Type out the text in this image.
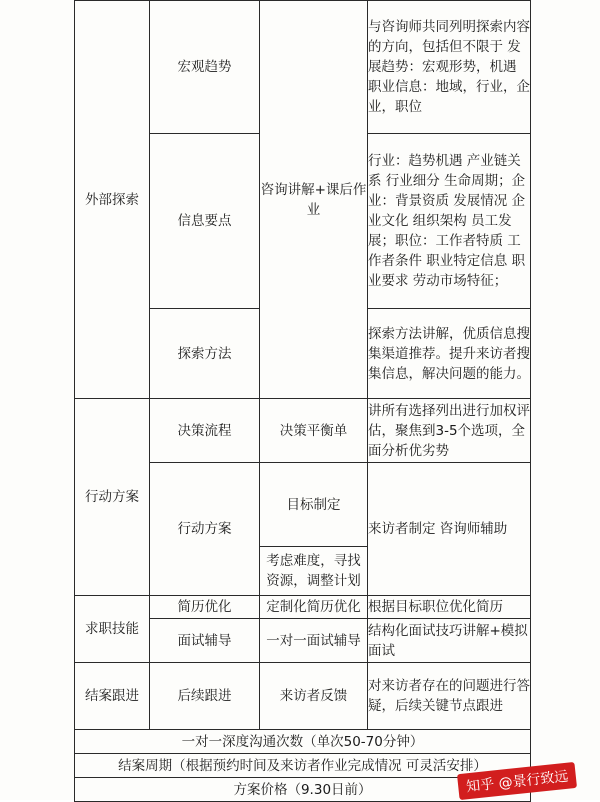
外部探索	宏观趋势	咨询讲解+课后作业	与咨询师共同列明探索内容的方向，包括但不限于 发展趋势：宏观形势，机遇　职业信息：地域，行业，企业，职位
	信息要点		行业：趋势机遇 产业链关系 行业细分 生命周期；企业：背景资质 发展情况 企业文化 组织架构 员工发展；职位：工作者特质 工作者条件 职业特定信息 职业要求 劳动市场特征；
	探索方法		探索方法讲解，优质信息搜集渠道推荐。提升来访者搜集信息，解决问题的能力。
行动方案	决策流程	决策平衡单	讲所有选择列出进行加权评估，聚焦到3-5个选项，全面分析优劣势
	行动方案	目标制定	来访者制定 咨询师辅助
		考虑难度，寻找资源，调整计划	
求职技能	简历优化	定制化简历优化	根据目标职位优化简历
	面试辅导	一对一面试辅导	结构化面试技巧讲解+模拟面试
结案跟进	后续跟进	来访者反馈	对来访者存在的问题进行答疑，后续关键节点跟进
一对一深度沟通次数（单次50-70分钟）			
结案周期（根据预约时间及来访者作业完成情况 可灵活安排）			
方案价格（9.30日前）				知乎 @景行致远
